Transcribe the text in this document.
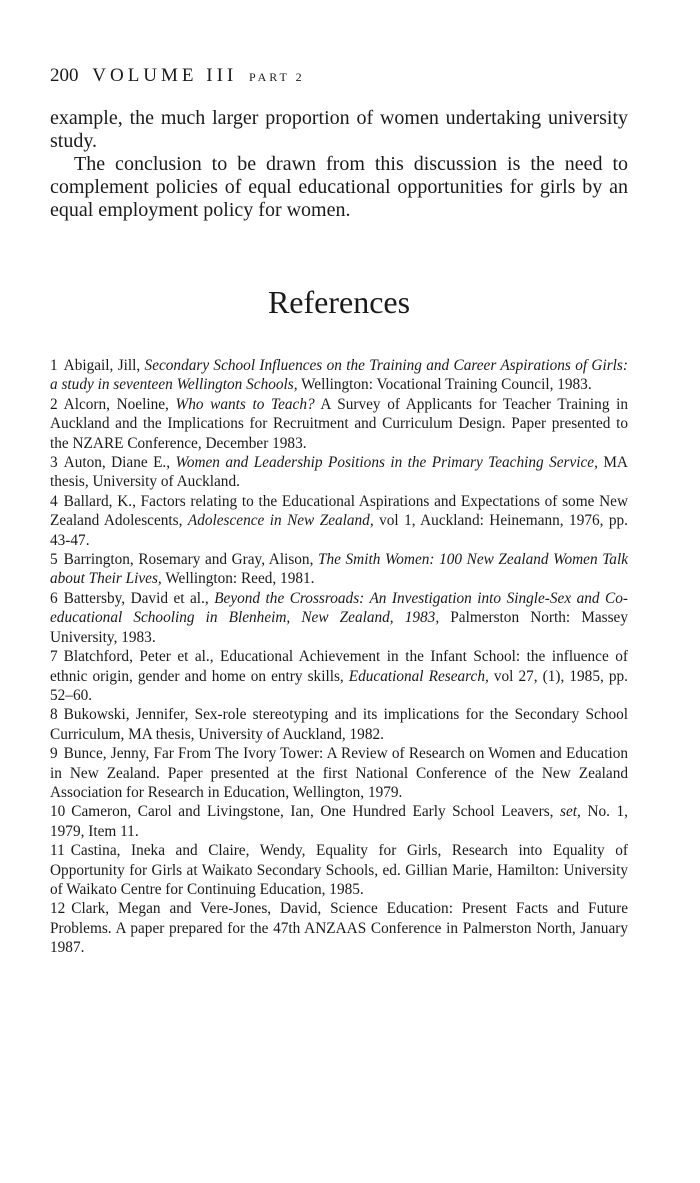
200 VOLUME III PART 2

example, the much larger proportion of women undertaking university study.

The conclusion to be drawn from this discussion is the need to complement policies of equal educational opportunities for girls by an equal employment policy for women.

References

1 Abigail, Jill, Secondary School Influences on the Training and Career Aspirations of Girls: a study in seventeen Wellington Schools, Wellington: Vocational Training Council, 1983.

2 Alcorn, Noeline, Who wants to Teach? A Survey of Applicants for Teacher Training in Auckland and the Implications for Recruitment and Curriculum Design. Paper presented to the NZARE Conference, December 1983.

3 Auton, Diane E., Women and Leadership Positions in the Primary Teaching Service, MA thesis, University of Auckland.

4 Ballard, K., Factors relating to the Educational Aspirations and Expectations of some New Zealand Adolescents, Adolescence in New Zealand, vol 1, Auckland: Heinemann, 1976, pp. 43-47.

5 Barrington, Rosemary and Gray, Alison, The Smith Women: 100 New Zealand Women Talk about Their Lives, Wellington: Reed, 1981.

6 Battersby, David et al., Beyond the Crossroads: An Investigation into Single-Sex and Co-educational Schooling in Blenheim, New Zealand, 1983, Palmerston North: Massey University, 1983.

7 Blatchford, Peter et al., Educational Achievement in the Infant School: the influence of ethnic origin, gender and home on entry skills, Educational Research, vol 27, (1), 1985, pp. 52–60.

8 Bukowski, Jennifer, Sex-role stereotyping and its implications for the Secondary School Curriculum, MA thesis, University of Auckland, 1982.

9 Bunce, Jenny, Far From The Ivory Tower: A Review of Research on Women and Education in New Zealand. Paper presented at the first National Conference of the New Zealand Association for Research in Education, Wellington, 1979.

10 Cameron, Carol and Livingstone, Ian, One Hundred Early School Leavers, set, No. 1, 1979, Item 11.

11 Castina, Ineka and Claire, Wendy, Equality for Girls, Research into Equality of Opportunity for Girls at Waikato Secondary Schools, ed. Gillian Marie, Hamilton: University of Waikato Centre for Continuing Education, 1985.

12 Clark, Megan and Vere-Jones, David, Science Education: Present Facts and Future Problems. A paper prepared for the 47th ANZAAS Conference in Palmerston North, January 1987.
